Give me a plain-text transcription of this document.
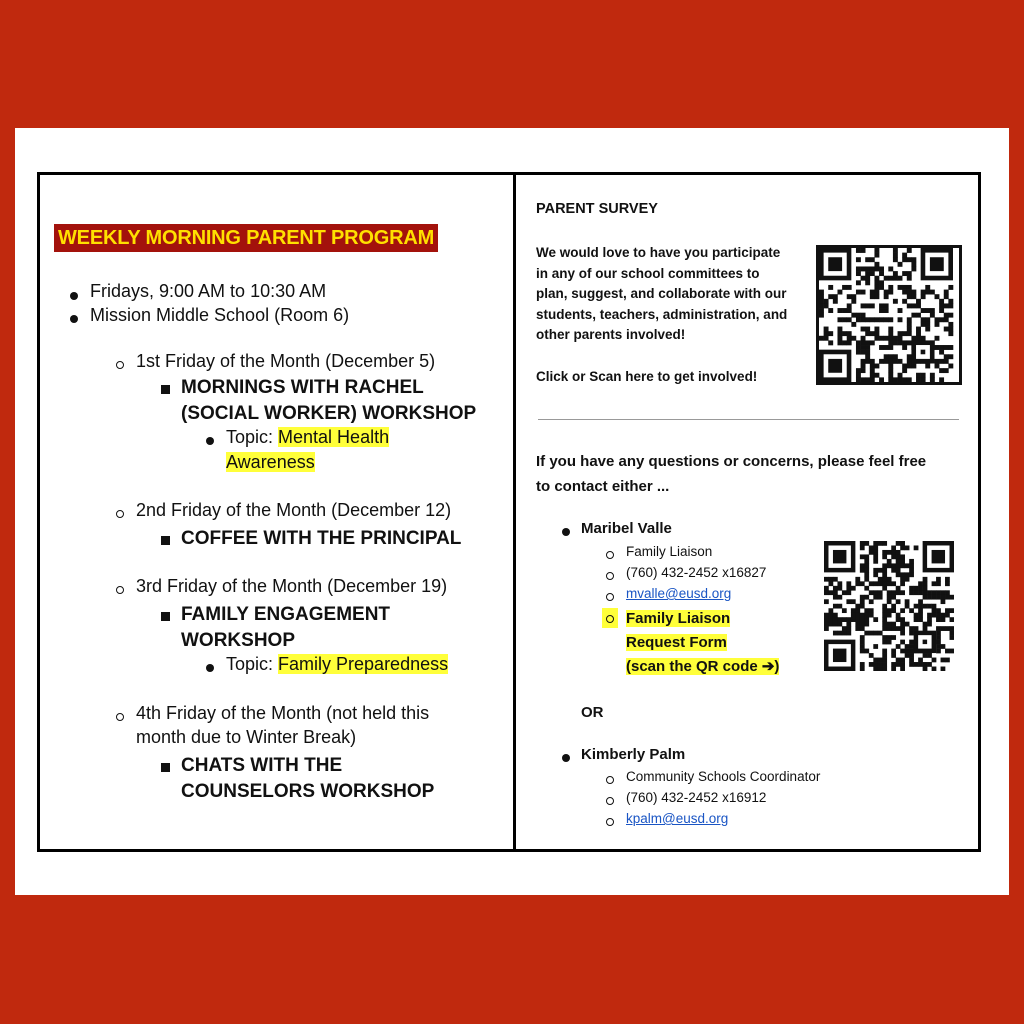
WEEKLY MORNING PARENT PROGRAM
Fridays, 9:00 AM to 10:30 AM
Mission Middle School (Room 6)
1st Friday of the Month (December 5)
MORNINGS WITH RACHEL
(SOCIAL WORKER) WORKSHOP
Topic: Mental Health
Awareness
2nd Friday of the Month (December 12)
COFFEE WITH THE PRINCIPAL
3rd Friday of the Month (December 19)
FAMILY ENGAGEMENT
WORKSHOP
Topic: Family Preparedness
4th Friday of the Month (not held this
month due to Winter Break)
CHATS WITH THE
COUNSELORS WORKSHOP
PARENT SURVEY
We would love to have you participate
in any of our school committees to
plan, suggest, and collaborate with our
students, teachers, administration, and
other parents involved!
Click or Scan here to get involved!
If you have any questions or concerns, please feel free
to contact either ...
Maribel Valle
Family Liaison
(760) 432-2452 x16827
mvalle@eusd.org
Family Liaison
Request Form
(scan the QR code ➔)
OR
Kimberly Palm
Community Schools Coordinator
(760) 432-2452 x16912
kpalm@eusd.org
